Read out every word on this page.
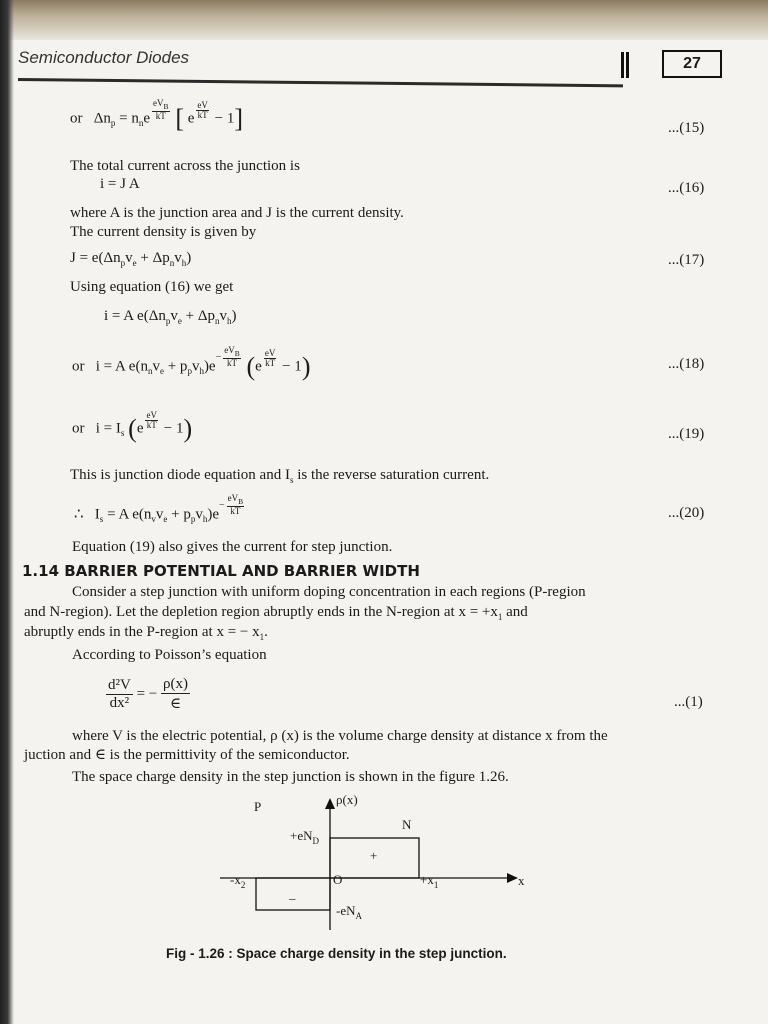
Semiconductor Diodes	27
or $\Delta n_p = n_ne \frac{eV_B}{kT}$ [ e $\frac{eV}{kT} - 1$]	...(15)
The total current across the junction is
i = J A	...(16)
where A is the junction area and J is the current density.
The current density is given by
$J = e(\Delta n_pv_e + \Delta p_nv_h)$	...(17)
Using equation (16) we get
i = A $e(\Delta n_pv_e + \Delta p_nv_h)$
or i = A $e(n_nv_e + p_pv_h)e^- \frac{eV_B}{kT} (e \frac{eV}{kT} - 1)$	...(18)
or $i = I_s$ $(e \frac{eV}{kT} - 1)$	...(19)
This is junction diode equation and $I_s$ is the reverse saturation current.
∴ $I_s = A$ $e(n_vv_e + p_pv_h)e^- \frac{eV_B}{kT}$	...(20)
Equation (19) also gives the current for step junction.
1.14 BARRIER POTENTIAL AND BARRIER WIDTH
Consider a step junction with uniform doping concentration in each regions (P-region
and N-region). Let the depletion region abruptly ends in the N-region at $x = +x_1$ and
abruptly ends in the P-region at x = − $x_1$.
According to Poisson’s equation
$\frac{\text{d²V}}{\text{dx²}}$ = −
ρ(x)
∈	...(1)
where V is the electric potential, ρ (x) is the volume charge density at distance x from the
juction and ∈ is the permittivity of the semiconductor.
The space charge density in the step junction is shown in the figure 1.26.
P	ρ(x)
N
$+eN_D$
+
_
O	x
$-x_2$	$+x_1$
$-eN_A$
Fig - 1.26 : Space charge density in the step junction.
